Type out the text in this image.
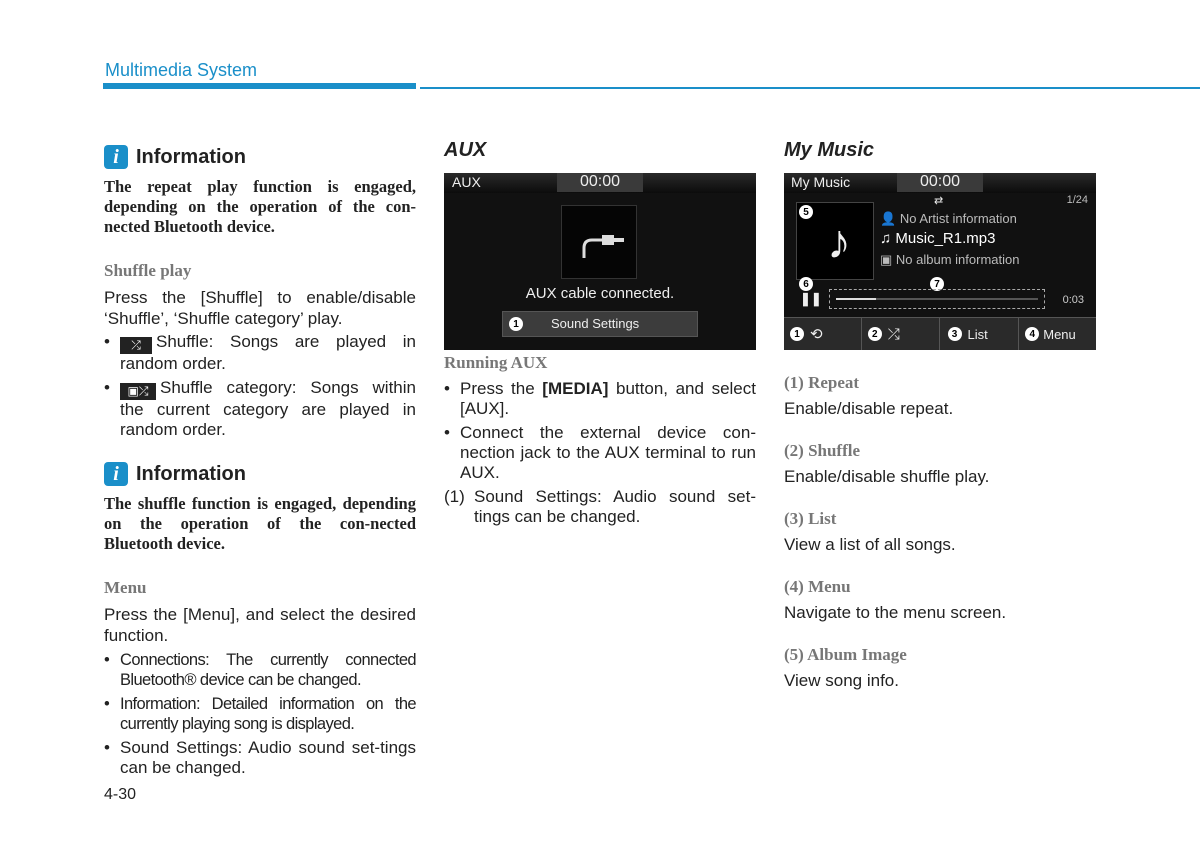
Multimedia System
i Information
The repeat play function is engaged, depending on the operation of the con-nected Bluetooth device.
Shuffle play
Press the [Shuffle] to enable/disable ‘Shuffle’, ‘Shuffle category’ play.
• ⤮ Shuffle: Songs are played in random order.
• ▣⤮ Shuffle category: Songs within the current category are played in random order.
i Information
The shuffle function is engaged, depending on the operation of the con-nected Bluetooth device.
Menu
Press the [Menu], and select the desired function.
• Connections: The currently connected Bluetooth® device can be changed.
• Information: Detailed information on the currently playing song is displayed.
• Sound Settings: Audio sound set-tings can be changed.
AUX
AUX	00:00
AUX cable connected.
1	Sound Settings
Running AUX
• Press the [MEDIA] button, and select [AUX].
• Connect the external device con-nection jack to the AUX terminal to run AUX.
(1) Sound Settings: Audio sound set-tings can be changed.
My Music
My Music	00:00
♪
5
⇄	1/24
👤 No Artist information
♫ Music_R1.mp3
▣ No album information
6	7
❚❚	0:03
1 ⟲	2 ⤮	3 List	4 Menu
(1) Repeat
Enable/disable repeat.
(2) Shuffle
Enable/disable shuffle play.
(3) List
View a list of all songs.
(4) Menu
Navigate to the menu screen.
(5) Album Image
View song info.
4-30
